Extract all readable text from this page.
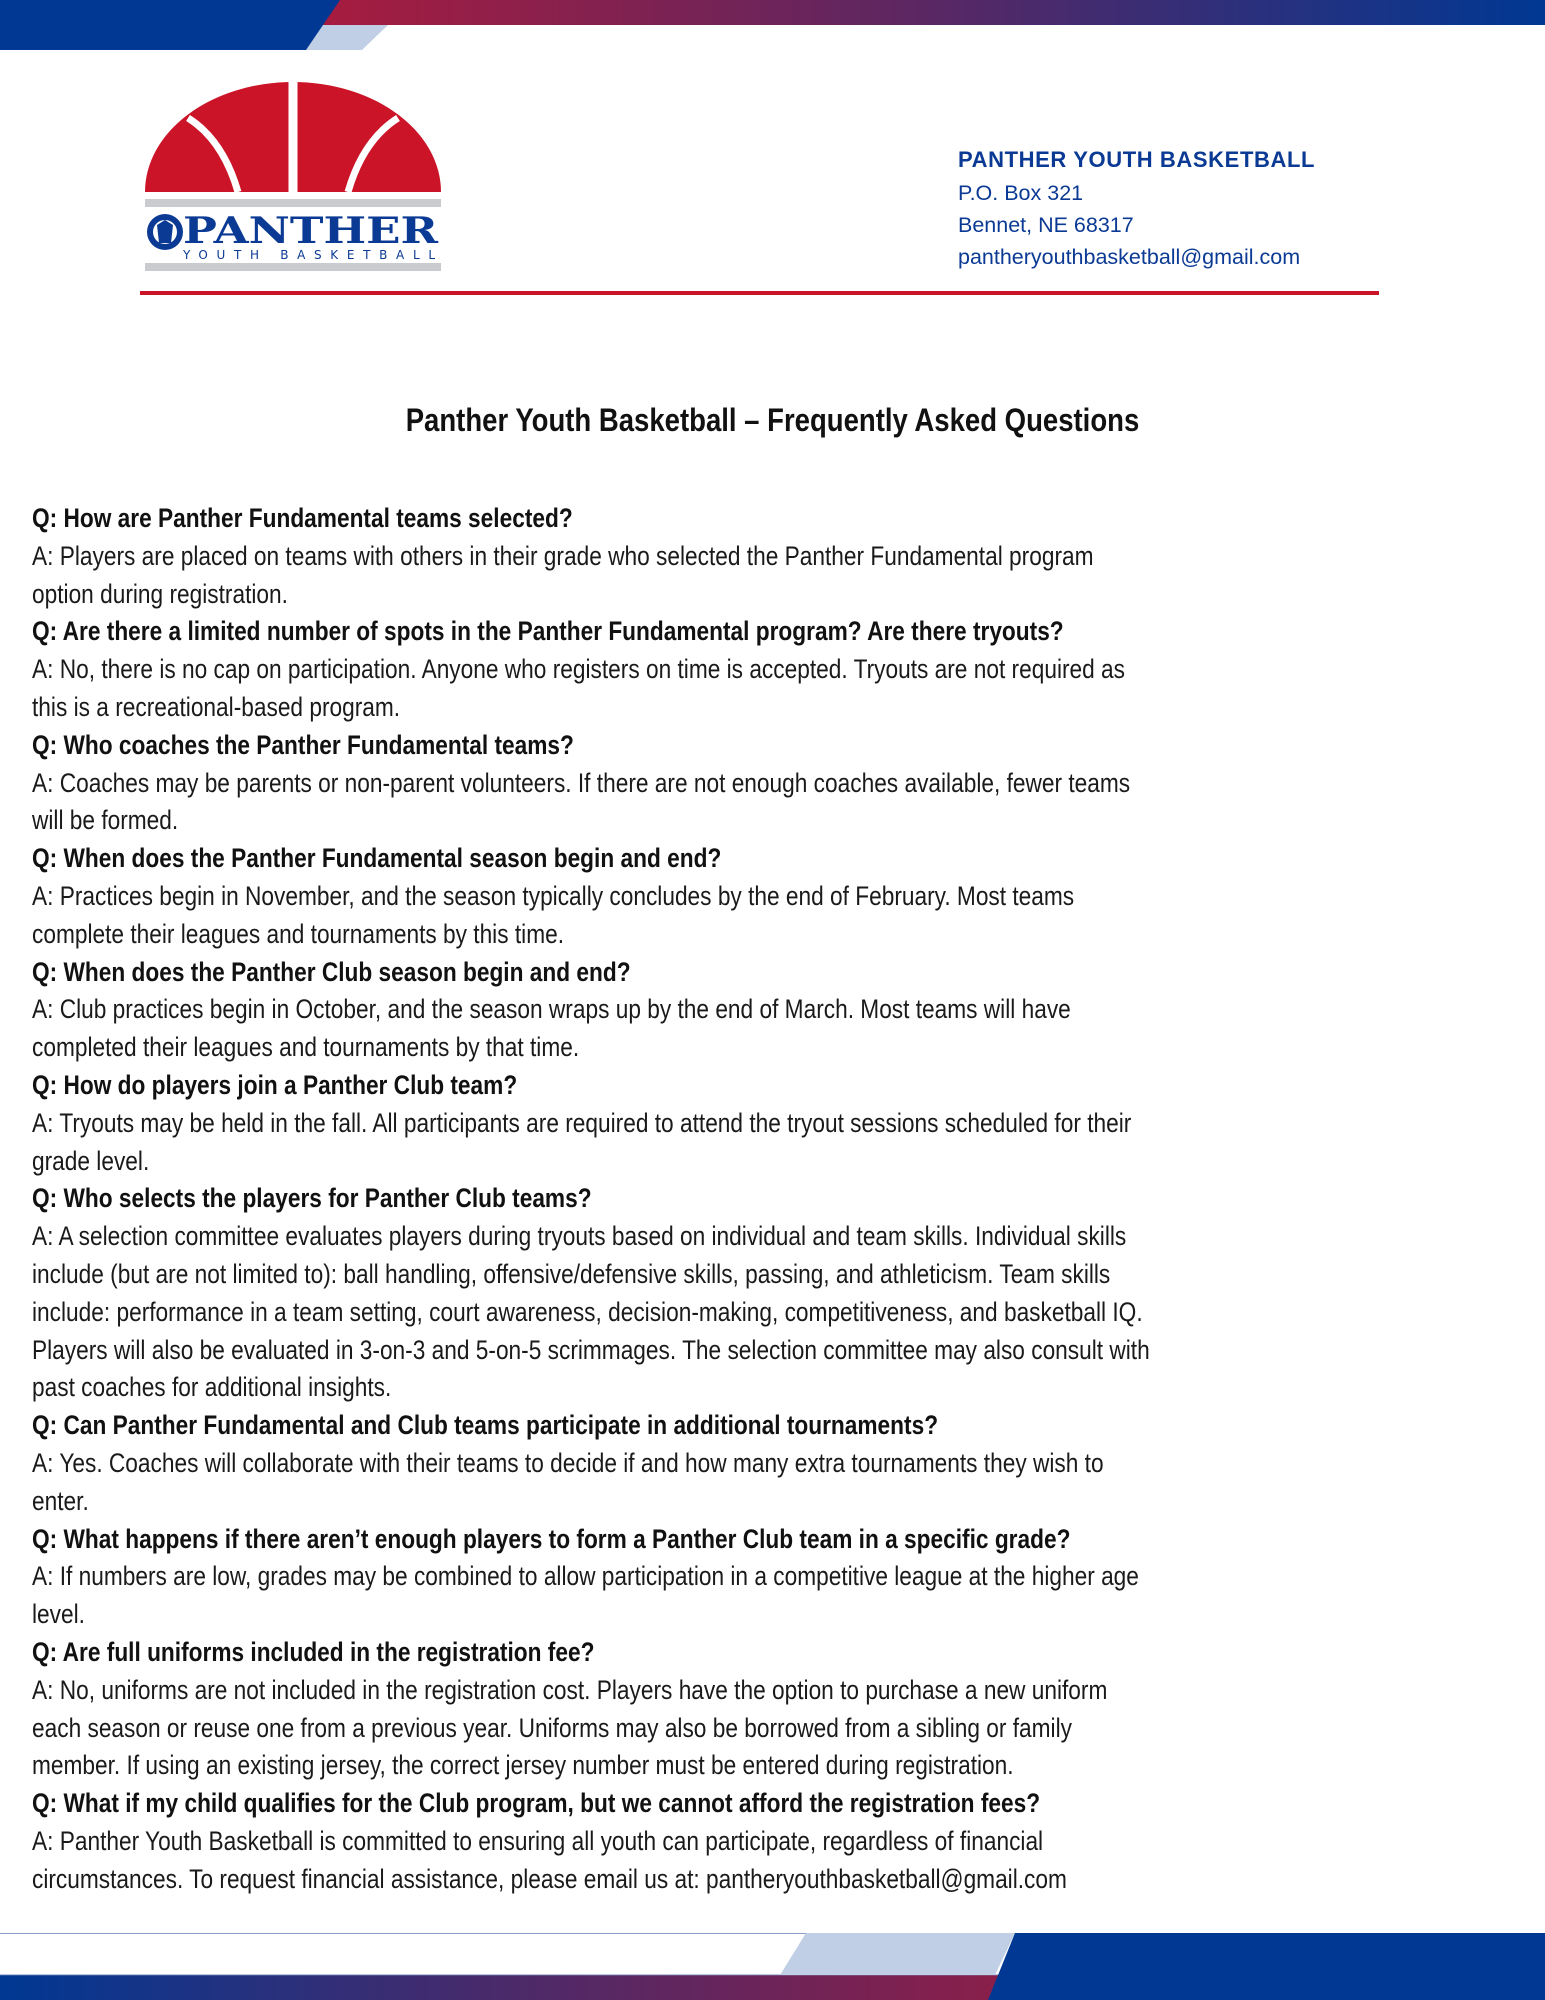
PANTHER
YOUTH BASKETBALL
PANTHER YOUTH BASKETBALL
P.O. Box 321
Bennet, NE 68317
pantheryouthbasketball@gmail.com
Panther Youth Basketball – Frequently Asked Questions
Q: How are Panther Fundamental teams selected?
A: Players are placed on teams with others in their grade who selected the Panther Fundamental program
option during registration.
Q: Are there a limited number of spots in the Panther Fundamental program? Are there tryouts?
A: No, there is no cap on participation. Anyone who registers on time is accepted. Tryouts are not required as
this is a recreational-based program.
Q: Who coaches the Panther Fundamental teams?
A: Coaches may be parents or non-parent volunteers. If there are not enough coaches available, fewer teams
will be formed.
Q: When does the Panther Fundamental season begin and end?
A: Practices begin in November, and the season typically concludes by the end of February. Most teams
complete their leagues and tournaments by this time.
Q: When does the Panther Club season begin and end?
A: Club practices begin in October, and the season wraps up by the end of March. Most teams will have
completed their leagues and tournaments by that time.
Q: How do players join a Panther Club team?
A: Tryouts may be held in the fall. All participants are required to attend the tryout sessions scheduled for their
grade level.
Q: Who selects the players for Panther Club teams?
A: A selection committee evaluates players during tryouts based on individual and team skills. Individual skills
include (but are not limited to): ball handling, offensive/defensive skills, passing, and athleticism. Team skills
include: performance in a team setting, court awareness, decision-making, competitiveness, and basketball IQ.
Players will also be evaluated in 3-on-3 and 5-on-5 scrimmages. The selection committee may also consult with
past coaches for additional insights.
Q: Can Panther Fundamental and Club teams participate in additional tournaments?
A: Yes. Coaches will collaborate with their teams to decide if and how many extra tournaments they wish to
enter.
Q: What happens if there aren’t enough players to form a Panther Club team in a specific grade?
A: If numbers are low, grades may be combined to allow participation in a competitive league at the higher age
level.
Q: Are full uniforms included in the registration fee?
A: No, uniforms are not included in the registration cost. Players have the option to purchase a new uniform
each season or reuse one from a previous year. Uniforms may also be borrowed from a sibling or family
member. If using an existing jersey, the correct jersey number must be entered during registration.
Q: What if my child qualifies for the Club program, but we cannot afford the registration fees?
A: Panther Youth Basketball is committed to ensuring all youth can participate, regardless of financial
circumstances. To request financial assistance, please email us at: pantheryouthbasketball@gmail.com
